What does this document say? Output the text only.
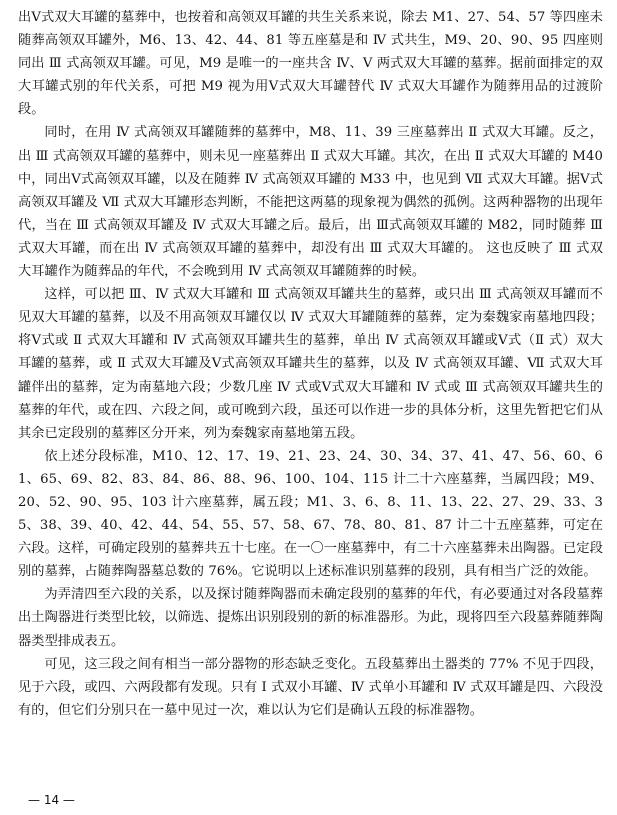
出Ⅴ式双大耳罐的墓葬中，也按着和高领双耳罐的共生关系来说，除去 M1、27、54、57 等四座未随葬高领双耳罐外，M6、13、42、44、81 等五座墓是和 Ⅳ 式共生，M9、20、90、95 四座则同出 Ⅲ 式高领双耳罐。可见，M9 是唯一的一座共含 Ⅳ、Ⅴ 两式双大耳罐的墓葬。据前面排定的双大耳罐式别的年代关系，可把 M9 视为用Ⅴ式双大耳罐替代 Ⅳ 式双大耳罐作为随葬用品的过渡阶段。

同时，在用 Ⅳ 式高领双耳罐随葬的墓葬中，M8、11、39 三座墓葬出 Ⅱ 式双大耳罐。反之，出 Ⅲ 式高领双耳罐的墓葬中，则未见一座墓葬出 Ⅱ 式双大耳罐。其次，在出 Ⅱ 式双大耳罐的 M40 中，同出Ⅴ式高领双耳罐，以及在随葬 Ⅳ 式高领双耳罐的 M33 中，也见到 Ⅶ 式双大耳罐。据Ⅴ式高领双耳罐及 Ⅶ 式双大耳罐形态判断，不能把这两墓的现象视为偶然的孤例。这两种器物的出现年代，当在 Ⅲ 式高领双耳罐及 Ⅳ 式双大耳罐之后。最后，出 Ⅲ式高领双耳罐的 M82，同时随葬 Ⅲ 式双大耳罐，而在出 Ⅳ 式高领双耳罐的墓葬中，却没有出 Ⅲ 式双大耳罐的。 这也反映了 Ⅲ 式双大耳罐作为随葬品的年代，不会晚到用 Ⅳ 式高领双耳罐随葬的时候。

这样，可以把 Ⅲ、Ⅳ 式双大耳罐和 Ⅲ 式高领双耳罐共生的墓葬，或只出 Ⅲ 式高领双耳罐而不见双大耳罐的墓葬，以及不用高领双耳罐仅以 Ⅳ 式双大耳罐随葬的墓葬，定为秦魏家南墓地四段；将Ⅴ式或 Ⅱ 式双大耳罐和 Ⅳ 式高领双耳罐共生的墓葬，单出 Ⅳ 式高领双耳罐或Ⅴ式（Ⅱ 式）双大耳罐的墓葬，或 Ⅱ 式双大耳罐及Ⅴ式高领双耳罐共生的墓葬，以及 Ⅳ 式高领双耳罐、Ⅶ 式双大耳罐伴出的墓葬，定为南墓地六段；少数几座 Ⅳ 式或Ⅴ式双大耳罐和 Ⅳ 式或 Ⅲ 式高领双耳罐共生的墓葬的年代，或在四、六段之间，或可晚到六段，虽还可以作进一步的具体分析，这里先暂把它们从其余已定段别的墓葬区分开来，列为秦魏家南墓地第五段。

依上述分段标准，M10、12、17、19、21、23、24、30、34、37、41、47、56、60、61、65、69、82、83、84、86、88、96、100、104、115 计二十六座墓葬，当属四段；M9、20、52、90、95、103 计六座墓葬，属五段；M1、3、6、8、11、13、22、27、29、33、35、38、39、40、42、44、54、55、57、58、67、78、80、81、87 计二十五座墓葬，可定在六段。这样，可确定段别的墓葬共五十七座。在一〇一座墓葬中，有二十六座墓葬未出陶器。已定段别的墓葬，占随葬陶器墓总数的 76%。它说明以上述标准识别墓葬的段别，具有相当广泛的效能。

为弄清四至六段的关系，以及探讨随葬陶器而未确定段别的墓葬的年代，有必要通过对各段墓葬出土陶器进行类型比较，以筛选、提炼出识别段别的新的标准器形。为此，现将四至六段墓葬随葬陶器类型排成表五。

可见，这三段之间有相当一部分器物的形态缺乏变化。五段墓葬出土器类的 77% 不见于四段，见于六段，或四、六两段都有发现。只有 Ⅰ 式双小耳罐、Ⅳ 式单小耳罐和 Ⅳ 式双耳罐是四、六段没有的，但它们分别只在一墓中见过一次，难以认为它们是确认五段的标准器物。

— 14 —
